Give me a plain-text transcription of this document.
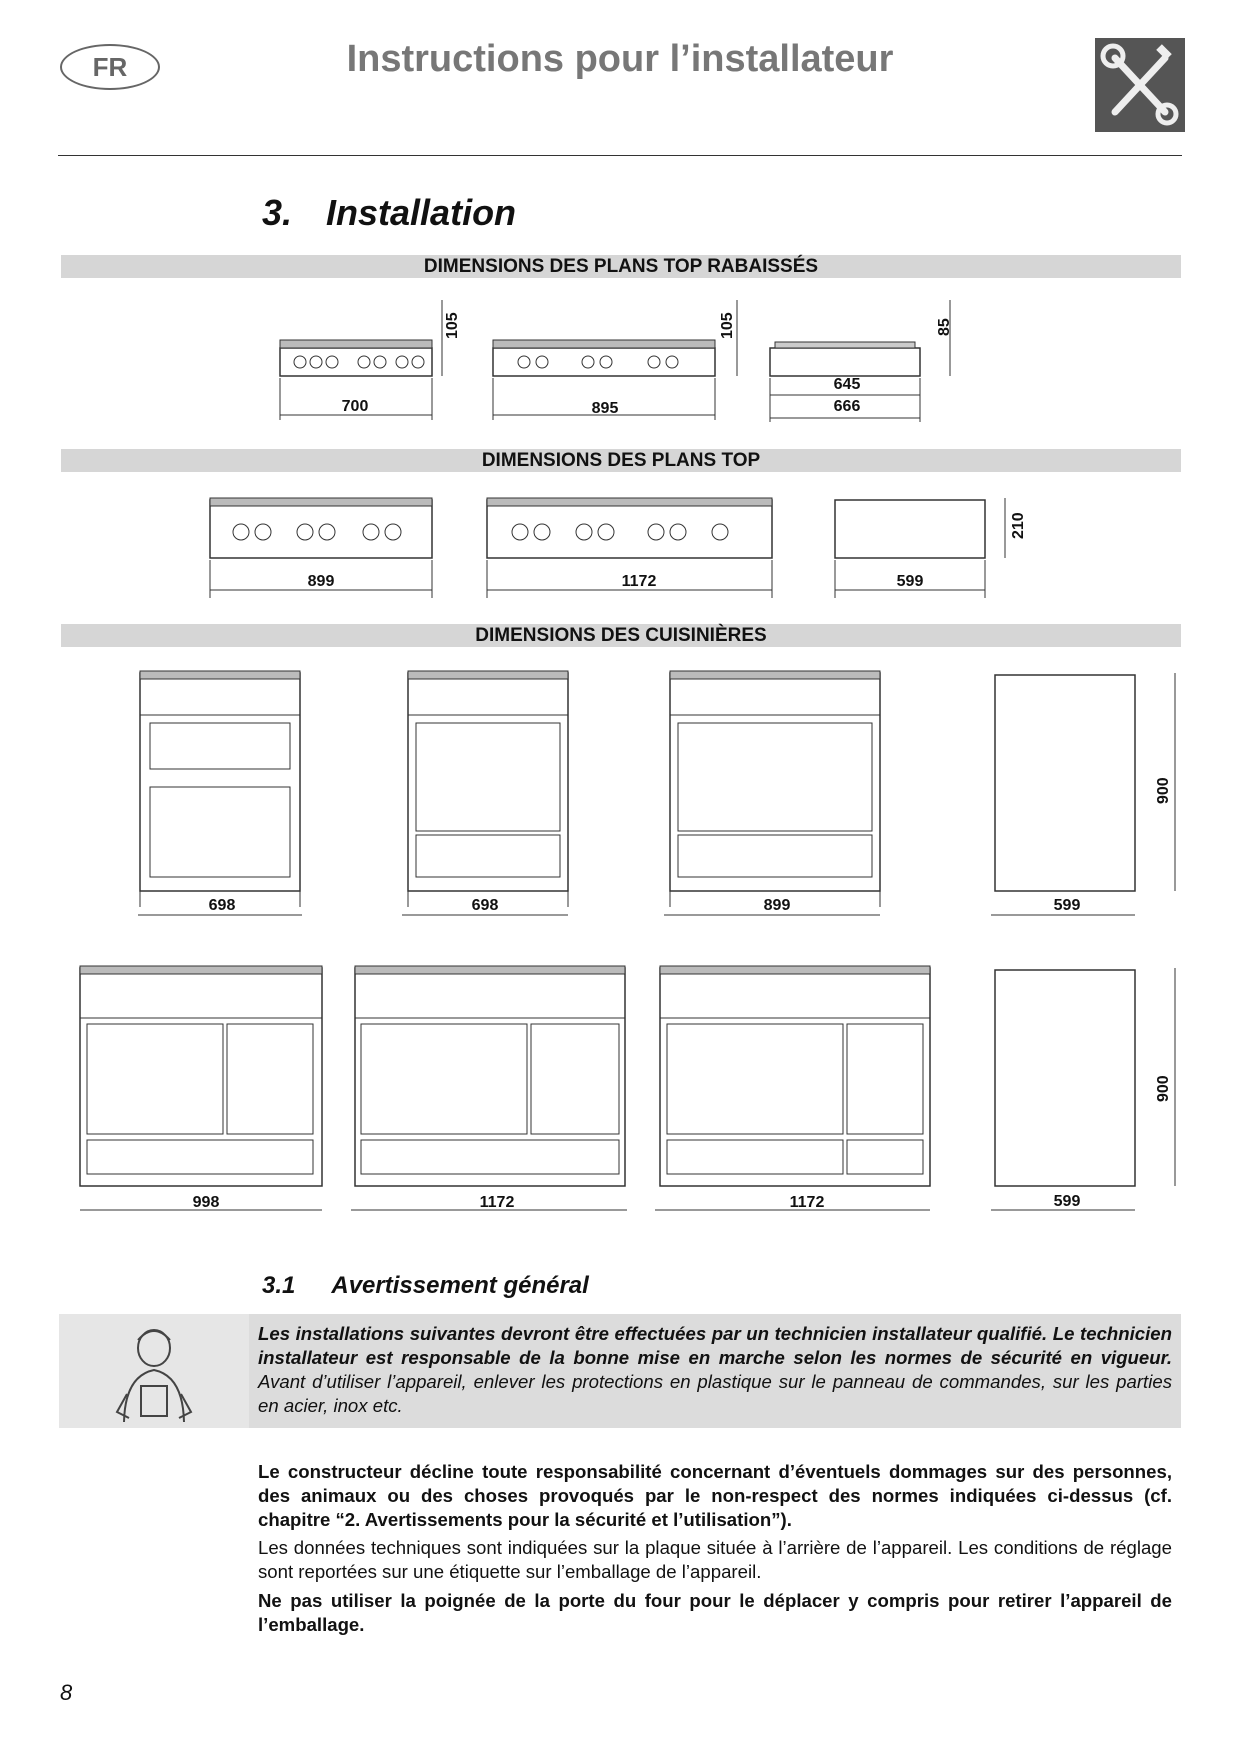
FR	Instructions pour l’installateur
3. Installation
DIMENSIONS DES PLANS TOP RABAISSÉS
700
105
895
105
645
666
85
DIMENSIONS DES PLANS TOP
899	1172	599
210
DIMENSIONS DES CUISINIÈRES
698	698	899	599
900
998	1172	1172	599
900
3.1 Avertissement général
Les installations suivantes devront être effectuées par un technicien installateur qualifié. Le technicien installateur est responsable de la bonne mise en marche selon les normes de sécurité en vigueur. Avant d’utiliser l’appareil, enlever les protections en plastique sur le panneau de commandes, sur les parties en acier, inox etc.
Le constructeur décline toute responsabilité concernant d’éventuels dommages sur des personnes, des animaux ou des choses provoqués par le non-respect des normes indiquées ci-dessus (cf. chapitre “2. Avertissements pour la sécurité et l’utilisation”).
Les données techniques sont indiquées sur la plaque située à l’arrière de l’appareil. Les conditions de réglage sont reportées sur une étiquette sur l’emballage de l’appareil.
Ne pas utiliser la poignée de la porte du four pour le déplacer y compris pour retirer l’appareil de l’emballage.
8
